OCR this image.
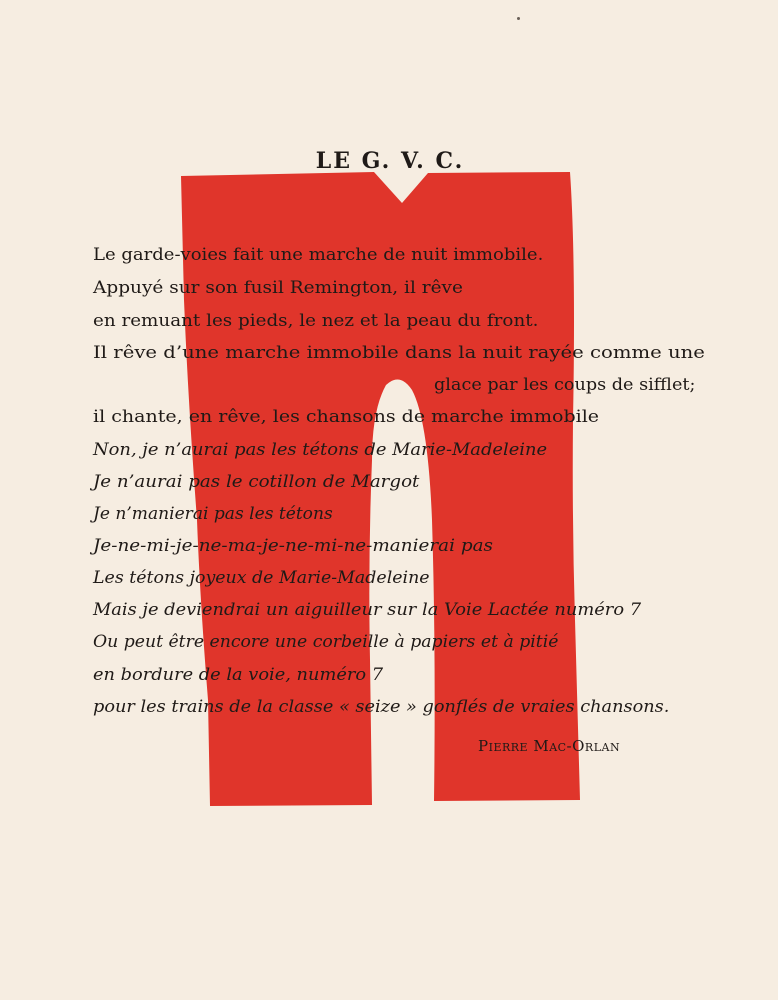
LE G. V. C.
Le garde-voies fait une marche de nuit immobile.
Appuyé sur son fusil Remington, il rêve
en remuant les pieds, le nez et la peau du front.
Il rêve d’une marche immobile dans la nuit rayée comme une
glace par les coups de sifflet;
il chante, en rêve, les chansons de marche immobile
Non, je n’aurai pas les tétons de Marie-Madeleine
Je n’aurai pas le cotillon de Margot
Je n’manierai pas les tétons
Je-ne-mi-je-ne-ma-je-ne-mi-ne-manierai pas
Les tétons joyeux de Marie-Madeleine
Mais je deviendrai un aiguilleur sur la Voie Lactée numéro 7
Ou peut être encore une corbeille à papiers et à pitié
en bordure de la voie, numéro 7
pour les trains de la classe « seize » gonflés de vraies chansons.
Pierre Mac-Orlan
